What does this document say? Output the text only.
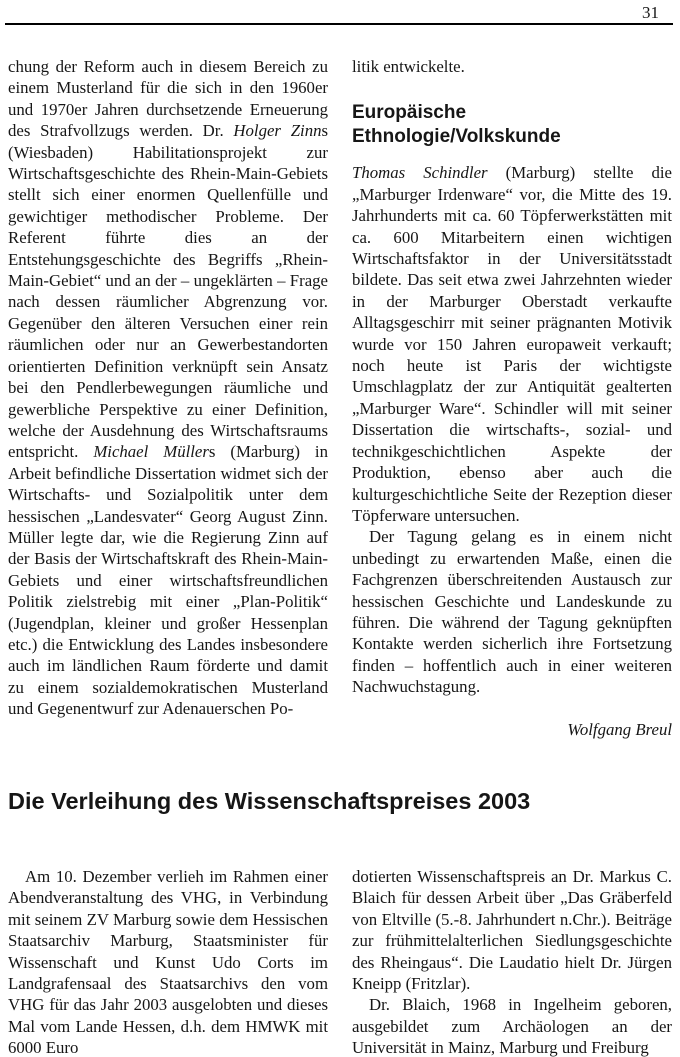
31

chung der Reform auch in diesem Bereich zu einem Musterland für die sich in den 1960er und 1970er Jahren durchsetzende Erneuerung des Strafvollzugs werden. Dr. Holger Zinns (Wiesbaden) Habilitationsprojekt zur Wirtschaftsgeschichte des Rhein-Main-Gebiets stellt sich einer enormen Quellenfülle und gewichtiger methodischer Probleme. Der Referent führte dies an der Entstehungsgeschichte des Begriffs „Rhein-Main-Gebiet“ und an der – ungeklärten – Frage nach dessen räumlicher Abgrenzung vor. Gegenüber den älteren Versuchen einer rein räumlichen oder nur an Gewerbestandorten orientierten Definition verknüpft sein Ansatz bei den Pendlerbewegungen räumliche und gewerbliche Perspektive zu einer Definition, welche der Ausdehnung des Wirtschaftsraums entspricht. Michael Müllers (Marburg) in Arbeit befindliche Dissertation widmet sich der Wirtschafts- und Sozialpolitik unter dem hessischen „Landesvater“ Georg August Zinn. Müller legte dar, wie die Regierung Zinn auf der Basis der Wirtschaftskraft des Rhein-Main-Gebiets und einer wirtschaftsfreundlichen Politik zielstrebig mit einer „Plan-Politik“ (Jugendplan, kleiner und großer Hessenplan etc.) die Entwicklung des Landes insbesondere auch im ländlichen Raum förderte und damit zu einem sozialdemokratischen Musterland und Gegenentwurf zur Adenauerschen Po-

litik entwickelte.

Europäische
Ethnologie/Volkskunde

Thomas Schindler (Marburg) stellte die „Marburger Irdenware“ vor, die Mitte des 19. Jahrhunderts mit ca. 60 Töpferwerkstätten mit ca. 600 Mitarbeitern einen wichtigen Wirtschaftsfaktor in der Universitätsstadt bildete. Das seit etwa zwei Jahrzehnten wieder in der Marburger Oberstadt verkaufte Alltagsgeschirr mit seiner prägnanten Motivik wurde vor 150 Jahren europaweit verkauft; noch heute ist Paris der wichtigste Umschlagplatz der zur Antiquität gealterten „Marburger Ware“. Schindler will mit seiner Dissertation die wirtschafts-, sozial- und technikgeschichtlichen Aspekte der Produktion, ebenso aber auch die kulturgeschichtliche Seite der Rezeption dieser Töpferware untersuchen.

Der Tagung gelang es in einem nicht unbedingt zu erwartenden Maße, einen die Fachgrenzen überschreitenden Austausch zur hessischen Geschichte und Landeskunde zu führen. Die während der Tagung geknüpften Kontakte werden sicherlich ihre Fortsetzung finden – hoffentlich auch in einer weiteren Nachwuchstagung.

Wolfgang Breul

Die Verleihung des Wissenschaftspreises 2003

Am 10. Dezember verlieh im Rahmen einer Abendveranstaltung des VHG, in Verbindung mit seinem ZV Marburg sowie dem Hessischen Staatsarchiv Marburg, Staatsminister für Wissenschaft und Kunst Udo Corts im Landgrafensaal des Staatsarchivs den vom VHG für das Jahr 2003 ausgelobten und dieses Mal vom Lande Hessen, d.h. dem HMWK mit 6000 Euro

dotierten Wissenschaftspreis an Dr. Markus C. Blaich für dessen Arbeit über „Das Gräberfeld von Eltville (5.-8. Jahrhundert n.Chr.). Beiträge zur frühmittelalterlichen Siedlungsgeschichte des Rheingaus“. Die Laudatio hielt Dr. Jürgen Kneipp (Fritzlar).

Dr. Blaich, 1968 in Ingelheim geboren, ausgebildet zum Archäologen an der Universität in Mainz, Marburg und Freiburg
